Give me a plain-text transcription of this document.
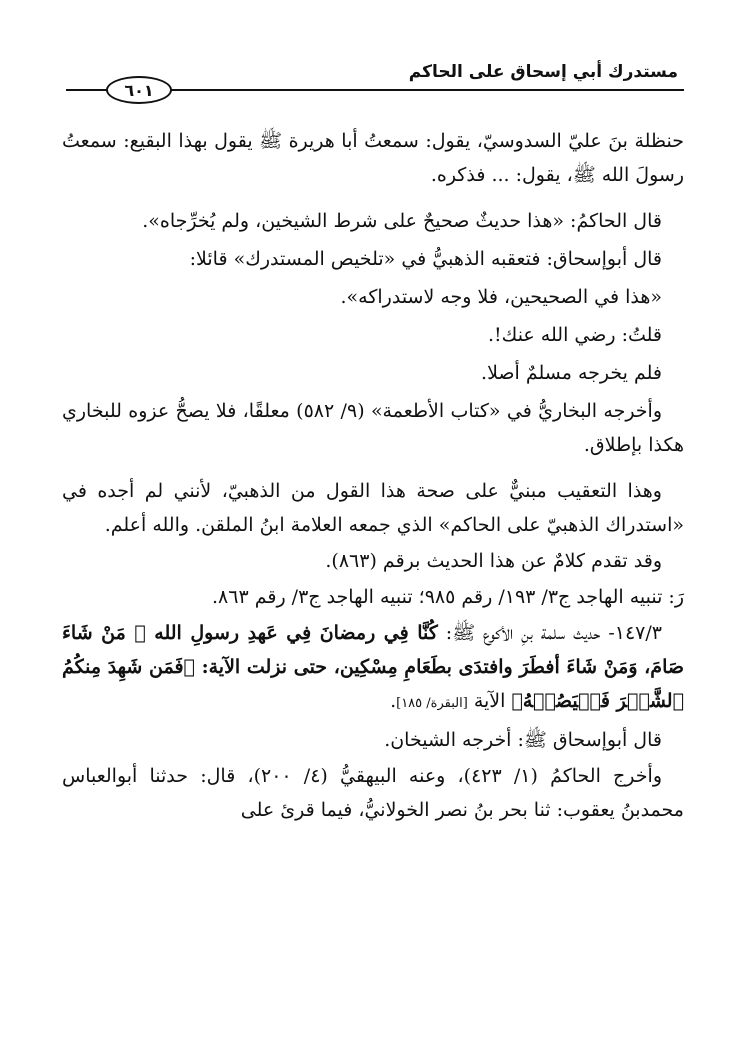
مستدرك أبي إسحاق على الحاكم
٦٠١

حنظلة بنَ عليّ السدوسيّ، يقول: سمعتُ أبا هريرة ﷺ يقول بهذا البقيع: سمعتُ رسولَ الله ﷺ، يقول: ... فذكره.

قال الحاكمُ: «هذا حديثٌ صحيحٌ على شرط الشيخين، ولم يُخرِّجاه».

قال أبوإسحاق: فتعقبه الذهبيُّ في «تلخيص المستدرك» قائلا:

«هذا في الصحيحين، فلا وجه لاستدراكه».

قلتُ: رضي الله عنك!.

فلم يخرجه مسلمٌ أصلا.

وأخرجه البخاريُّ في «كتاب الأطعمة» (٩/ ٥٨٢) معلقًا، فلا يصحُّ عزوه للبخاري هكذا بإطلاق.

وهذا التعقيب مبنيٌّ على صحة هذا القول من الذهبيّ، لأنني لم أجده في «استدراك الذهبيّ على الحاكم» الذي جمعه العلامة ابنُ الملقن. والله أعلم.

وقد تقدم كلامٌ عن هذا الحديث برقم (٨٦٣).

رَ: تنبيه الهاجد ج٣/ ١٩٣/ رقم ٩٨٥؛ تنبيه الهاجد ج٣/ رقم ٨٦٣.

١٤٧/٣- حديث سلمة بنِ الأكوع ﷺ: كُنَّا فِي رمضانَ فِي عَهدِ رسولِ الله ﷺ مَنْ شَاءَ صَامَ، وَمَنْ شَاءَ أفطَرَ وافتدَى بطَعَامِ مِسْكِين، حتى نزلت الآية: ﴿فَمَن شَهِدَ مِنكُمُ ٱلشَّهۡرَ فَلۡيَصُمۡهُ﴾ الآية [البقرة/ ١٨٥].

قال أبوإسحاق ﷺ: أخرجه الشيخان.

وأخرج الحاكمُ (١/ ٤٢٣)، وعنه البيهقيُّ (٤/ ٢٠٠)، قال: حدثنا أبوالعباس محمدبنُ يعقوب: ثنا بحر بنُ نصر الخولانيُّ، فيما قرئ على
